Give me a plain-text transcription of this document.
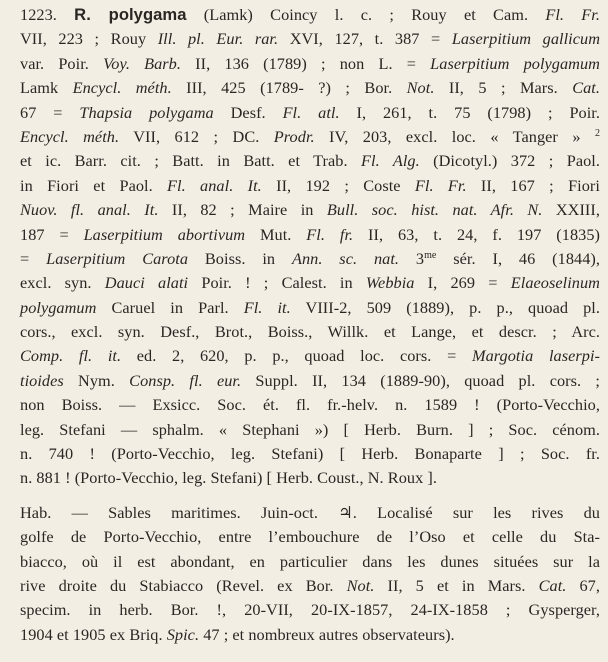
1223. R. polygama (Lamk) Coincy l. c. ; Rouy et Cam. Fl. Fr.
VII, 223 ; Rouy Ill. pl. Eur. rar. XVI, 127, t. 387 = Laserpitium gallicum
var. Poir. Voy. Barb. II, 136 (1789) ; non L. = Laserpitium polygamum
Lamk Encycl. méth. III, 425 (1789- ?) ; Bor. Not. II, 5 ; Mars. Cat.
67 = Thapsia polygama Desf. Fl. atl. I, 261, t. 75 (1798) ; Poir.
Encycl. méth. VII, 612 ; DC. Prodr. IV, 203, excl. loc. « Tanger » $^2$
et ic. Barr. cit. ; Batt. in Batt. et Trab. Fl. Alg. (Dicotyl.) 372 ; Paol.
in Fiori et Paol. Fl. anal. It. II, 192 ; Coste Fl. Fr. II, 167 ; Fiori
Nuov. fl. anal. It. II, 82 ; Maire in Bull. soc. hist. nat. Afr. N. XXIII,
187 = Laserpitium abortivum Mut. Fl. fr. II, 63, t. 24, f. 197 (1835)
= Laserpitium Carota Boiss. in Ann. sc. nat. $3^{me}$ sér. I, 46 (1844),
excl. syn. Dauci alati Poir. ! ; Calest. in Webbia I, 269 = Elaeoselinum
polygamum Caruel in Parl. Fl. it. VIII-2, 509 (1889), p. p., quoad pl.
cors., excl. syn. Desf., Brot., Boiss., Willk. et Lange, et descr. ; Arc.
Comp. fl. it. ed. 2, 620, p. p., quoad loc. cors. = Margotia laserpi-
tioides Nym. Consp. fl. eur. Suppl. II, 134 (1889-90), quoad pl. cors. ;
non Boiss. — Exsicc. Soc. ét. fl. fr.-helv. n. 1589 ! (Porto-Vecchio,
leg. Stefani — sphalm. « Stephani ») [ Herb. Burn. ] ; Soc. cénom.
n. 740 ! (Porto-Vecchio, leg. Stefani) [ Herb. Bonaparte ] ; Soc. fr.
n. 881 ! (Porto-Vecchio, leg. Stefani) [ Herb. Coust., N. Roux ].
Hab. — Sables maritimes. Juin-oct. ♃. Localisé sur les rives du
golfe de Porto-Vecchio, entre l’embouchure de l’Oso et celle du Sta-
biacco, où il est abondant, en particulier dans les dunes situées sur la
rive droite du Stabiacco (Revel. ex Bor. Not. II, 5 et in Mars. Cat. 67,
specim. in herb. Bor. !, 20-VII, 20-IX-1857, 24-IX-1858 ; Gysperger,
1904 et 1905 ex Briq. Spic. 47 ; et nombreux autres observateurs).
